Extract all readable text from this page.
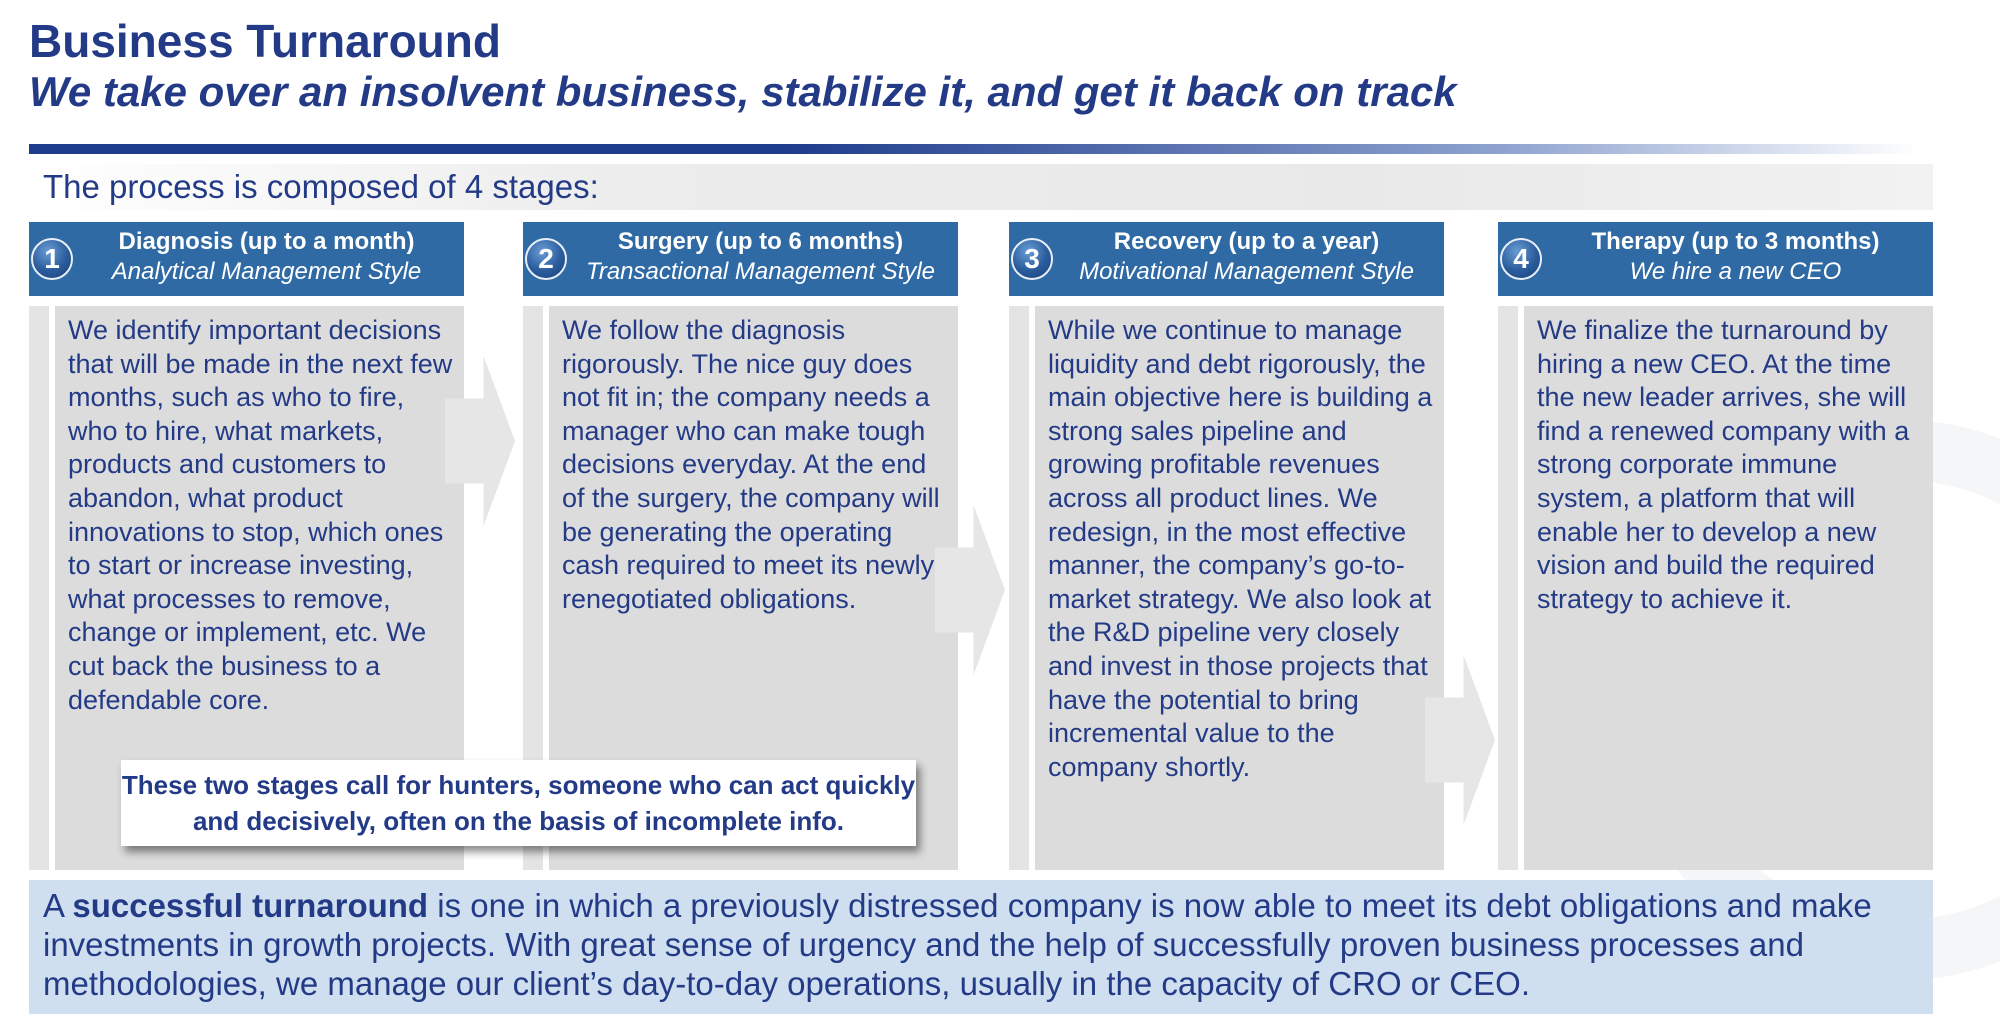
Business Turnaround
We take over an insolvent business, stabilize it, and get it back on track
The process is composed of 4 stages:
1
Diagnosis (up to a month)
Analytical Management Style
We identify important decisions that will be made in the next few months, such as who to fire, who to hire, what markets, products and customers to abandon, what product innovations to stop, which ones to start or increase investing, what processes to remove, change or implement, etc. We cut back the business to a defendable core.
2
Surgery (up to 6 months)
Transactional Management Style
We follow the diagnosis rigorously. The nice guy does not fit in; the company needs a manager who can make tough decisions everyday. At the end of the surgery, the company will be generating the operating cash required to meet its newly renegotiated obligations.
3
Recovery (up to a year)
Motivational Management Style
While we continue to manage liquidity and debt rigorously, the main objective here is building a strong sales pipeline and growing profitable revenues across all product lines. We redesign, in the most effective manner, the company’s go-to-market strategy. We also look at the R&D pipeline very closely and invest in those projects that have the potential to bring incremental value to the company shortly.
4
Therapy (up to 3 months)
We hire a new CEO
We finalize the turnaround by hiring a new CEO. At the time the new leader arrives, she will find a renewed company with a strong corporate immune system, a platform that will enable her to develop a new vision and build the required strategy to achieve it.
These two stages call for hunters, someone who can act quickly and decisively, often on the basis of incomplete info.
A successful turnaround is one in which a previously distressed company is now able to meet its debt obligations and make investments in growth projects. With great sense of urgency and the help of successfully proven business processes and methodologies, we manage our client’s day-to-day operations, usually in the capacity of CRO or CEO.
